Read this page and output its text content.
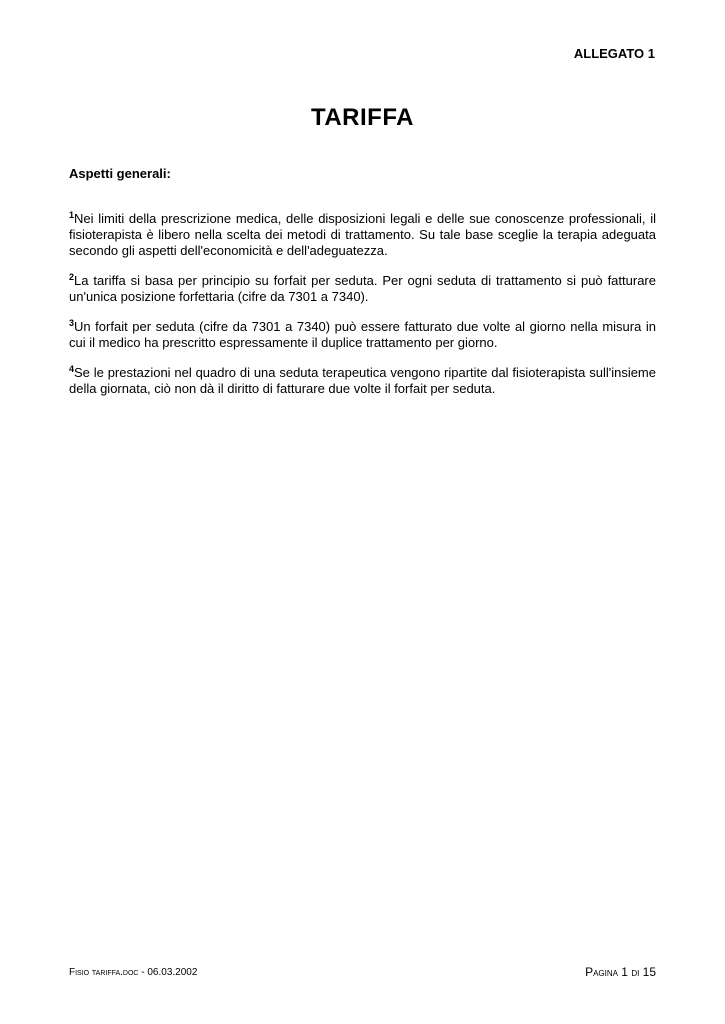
ALLEGATO 1
TARIFFA
Aspetti generali:

$^1$Nei limiti della prescrizione medica, delle disposizioni legali e delle sue conoscenze professionali, il fisioterapista è libero nella scelta dei metodi di trattamento. Su tale base sceglie la terapia adeguata secondo gli aspetti dell'economicità e dell'adeguatezza.

$^2$La tariffa si basa per principio su forfait per seduta. Per ogni seduta di trattamento si può fatturare un'unica posizione forfettaria (cifre da 7301 a 7340).

$^3$Un forfait per seduta (cifre da 7301 a 7340) può essere fatturato due volte al giorno nella misura in cui il medico ha prescritto espressamente il duplice trattamento per giorno.

$^4$Se le prestazioni nel quadro di una seduta terapeutica vengono ripartite dal fisioterapista sull'insieme della giornata, ciò non dà il diritto di fatturare due volte il forfait per seduta.

Fisio tariffa.doc - 06.03.2002	Pagina 1 di 15
